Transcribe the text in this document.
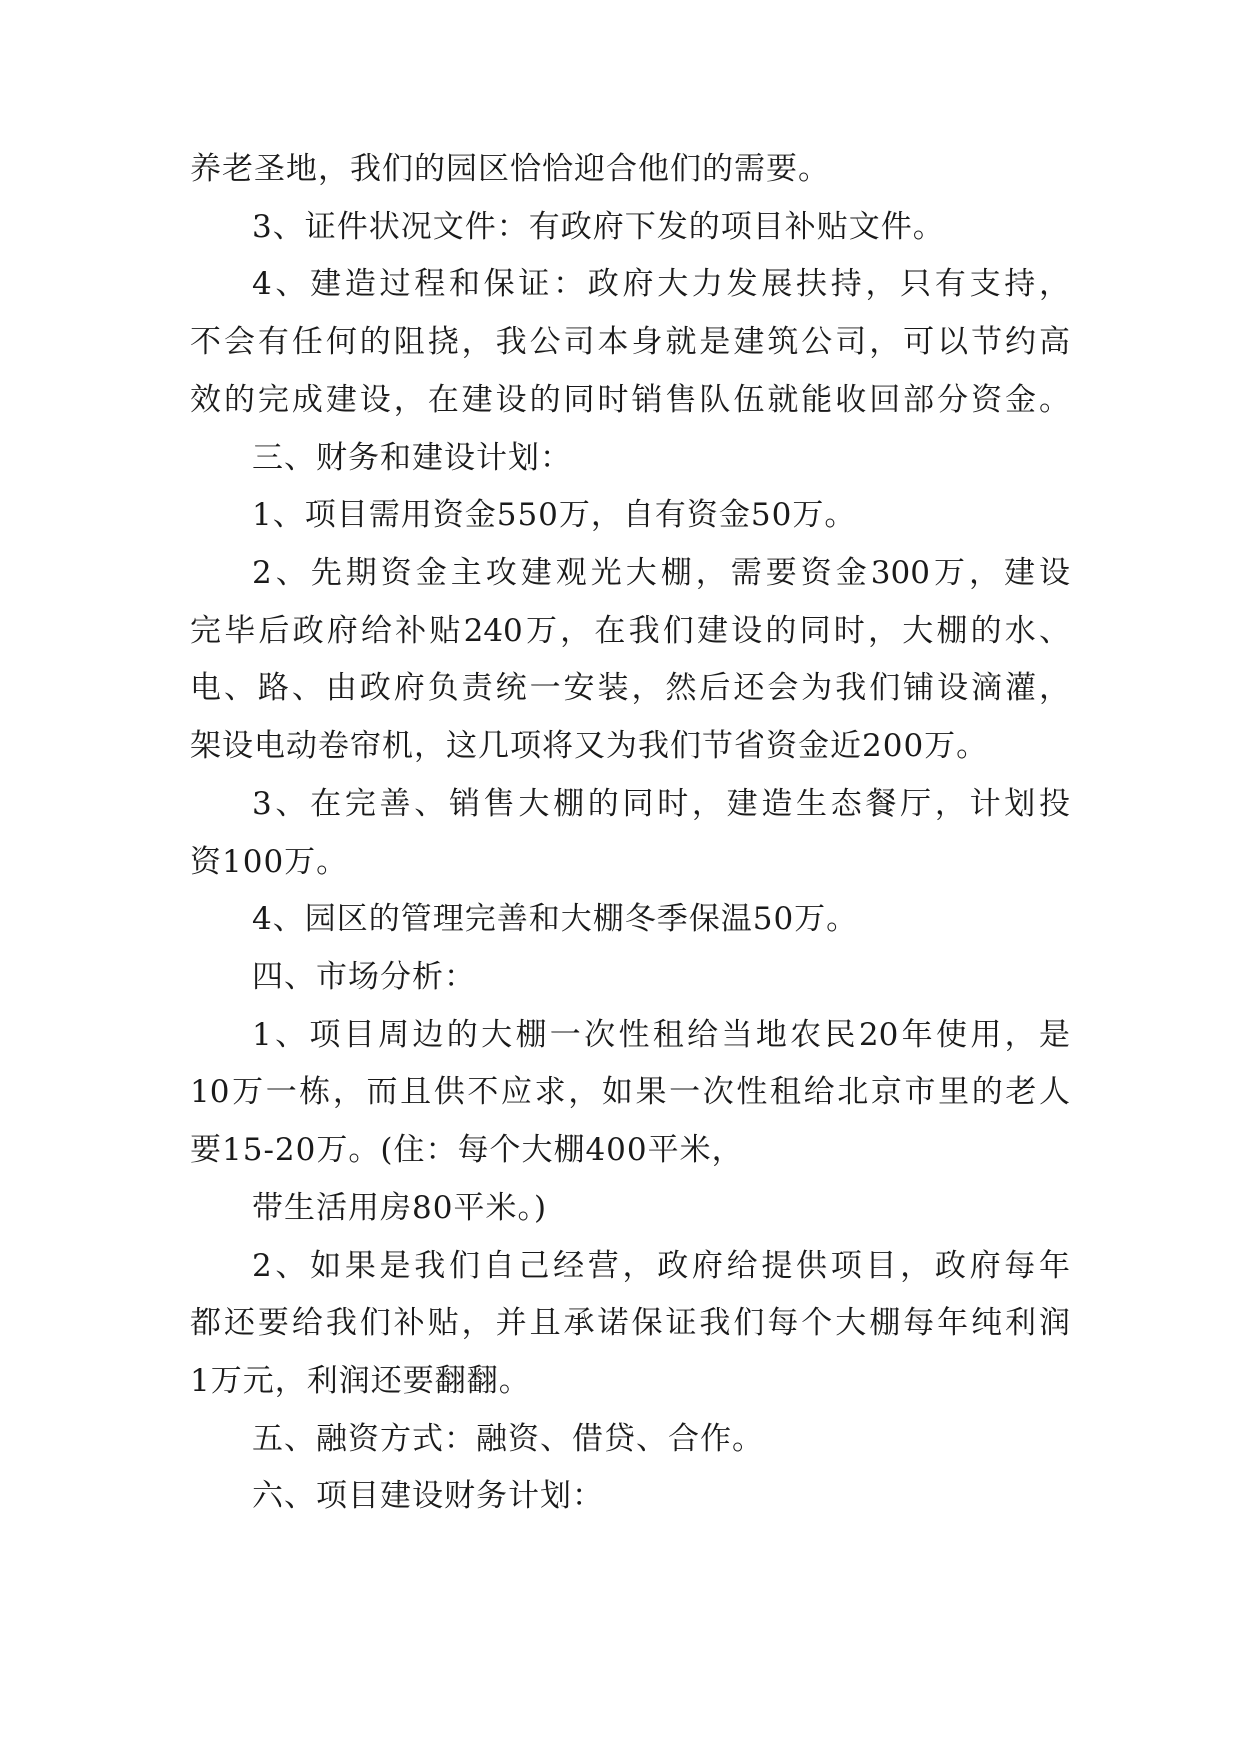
养老圣地，我们的园区恰恰迎合他们的需要。
3、证件状况文件：有政府下发的项目补贴文件。
4、建造过程和保证：政府大力发展扶持，只有支持，
不会有任何的阻挠，我公司本身就是建筑公司，可以节约高
效的完成建设，在建设的同时销售队伍就能收回部分资金。
三、财务和建设计划：
1、项目需用资金550万，自有资金50万。
2、先期资金主攻建观光大棚，需要资金300万，建设
完毕后政府给补贴240万，在我们建设的同时，大棚的水、
电、路、由政府负责统一安装，然后还会为我们铺设滴灌，
架设电动卷帘机，这几项将又为我们节省资金近200万。
3、在完善、销售大棚的同时，建造生态餐厅，计划投
资100万。
4、园区的管理完善和大棚冬季保温50万。
四、市场分析：
1、项目周边的大棚一次性租给当地农民20年使用，是
10万一栋，而且供不应求，如果一次性租给北京市里的老人
要15-20万。(住：每个大棚400平米，
带生活用房80平米。)
2、如果是我们自己经营，政府给提供项目，政府每年
都还要给我们补贴，并且承诺保证我们每个大棚每年纯利润
1万元，利润还要翻翻。
五、融资方式：融资、借贷、合作。
六、项目建设财务计划：
